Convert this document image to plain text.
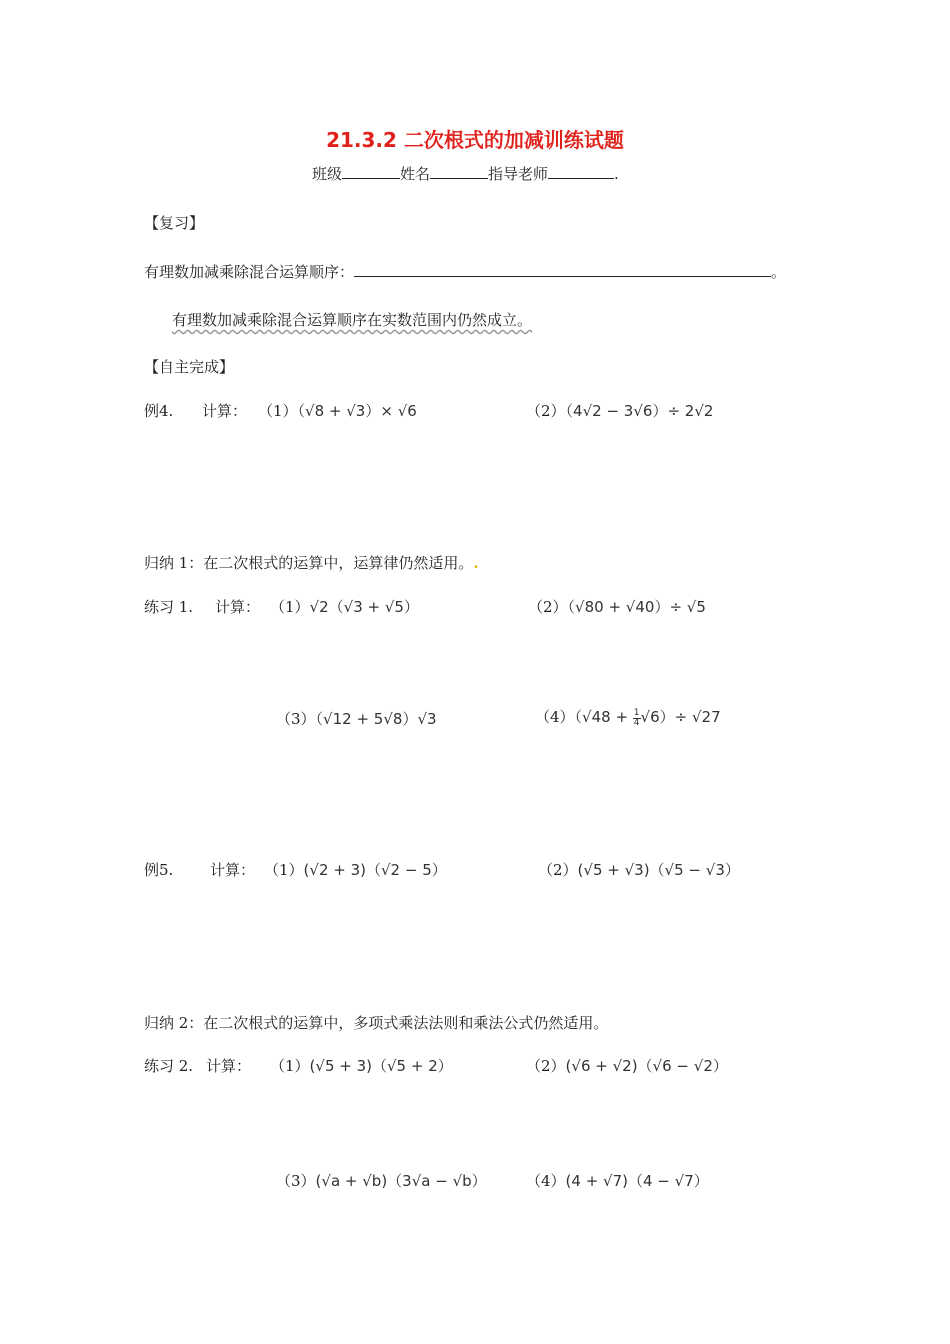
21.3.2 二次根式的加减训练试题
班级	姓名	指导老师	.
【复习】
有理数加减乘除混合运算顺序：	。
有理数加减乘除混合运算顺序在实数范围内仍然成立。
【自主完成】
例4. 计算： （1）（√8 + √3）× √6	（2）（4√2 − 3√6）÷ 2√2
归纳 1：在二次根式的运算中，运算律仍然适用。.
练习 1. 计算： （1）√2（√3 + √5）	（2）（√80 + √40）÷ √5
（3）（√12 + 5√8）√3	$(4)(√48 + \frac{1}{4} √6)\div √27$
例5. 计算： （1）(√2 + 3)（√2 − 5）	（2）(√5 + √3)（√5 − √3）
归纳 2：在二次根式的运算中，多项式乘法法则和乘法公式仍然适用。
练习 2. 计算： （1）(√5 + 3)（√5 + 2）	（2）(√6 + √2)（√6 − √2）
（3）(√a + √b)（3√a − √b）	（4）(4 + √7)（4 − √7）
